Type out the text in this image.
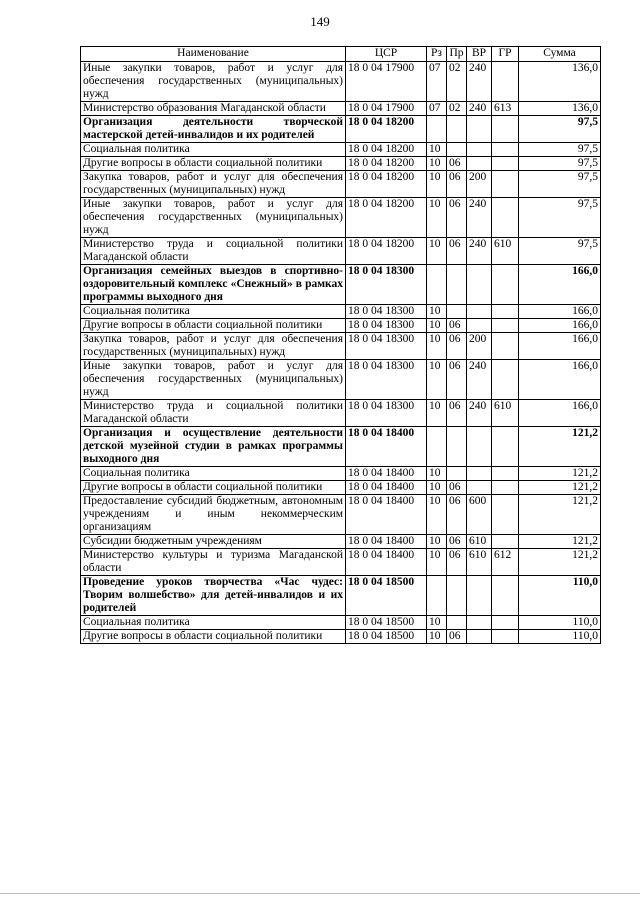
149
Наименование	ЦСР	Рз	Пр	ВР	ГР	Сумма
Иные закупки товаров, работ и услуг для обеспечения государственных (муниципальных) нужд	18 0 04 17900	07	02	240		136,0
Министерство образования Магаданской области	18 0 04 17900	07	02	240	613	136,0
Организация деятельности творческой мастерской детей-инвалидов и их родителей	18 0 04 18200					97,5
Социальная политика	18 0 04 18200	10				97,5
Другие вопросы в области социальной политики	18 0 04 18200	10	06			97,5
Закупка товаров, работ и услуг для обеспечения государственных (муниципальных) нужд	18 0 04 18200	10	06	200		97,5
Иные закупки товаров, работ и услуг для обеспечения государственных (муниципальных) нужд	18 0 04 18200	10	06	240		97,5
Министерство труда и социальной политики Магаданской области	18 0 04 18200	10	06	240	610	97,5
Организация семейных выездов в спортивно-оздоровительный комплекс «Снежный» в рамках программы выходного дня	18 0 04 18300					166,0
Социальная политика	18 0 04 18300	10				166,0
Другие вопросы в области социальной политики	18 0 04 18300	10	06			166,0
Закупка товаров, работ и услуг для обеспечения государственных (муниципальных) нужд	18 0 04 18300	10	06	200		166,0
Иные закупки товаров, работ и услуг для обеспечения государственных (муниципальных) нужд	18 0 04 18300	10	06	240		166,0
Министерство труда и социальной политики Магаданской области	18 0 04 18300	10	06	240	610	166,0
Организация и осуществление деятельности детской музейной студии в рамках программы выходного дня	18 0 04 18400					121,2
Социальная политика	18 0 04 18400	10				121,2
Другие вопросы в области социальной политики	18 0 04 18400	10	06			121,2
Предоставление субсидий бюджетным, автономным учреждениям и иным некоммерческим организациям	18 0 04 18400	10	06	600		121,2
Субсидии бюджетным учреждениям	18 0 04 18400	10	06	610		121,2
Министерство культуры и туризма Магаданской области	18 0 04 18400	10	06	610	612	121,2
Проведение уроков творчества «Час чудес: Творим волшебство» для детей-инвалидов и их родителей	18 0 04 18500					110,0
Социальная политика	18 0 04 18500	10				110,0
Другие вопросы в области социальной политики	18 0 04 18500	10	06			110,0
